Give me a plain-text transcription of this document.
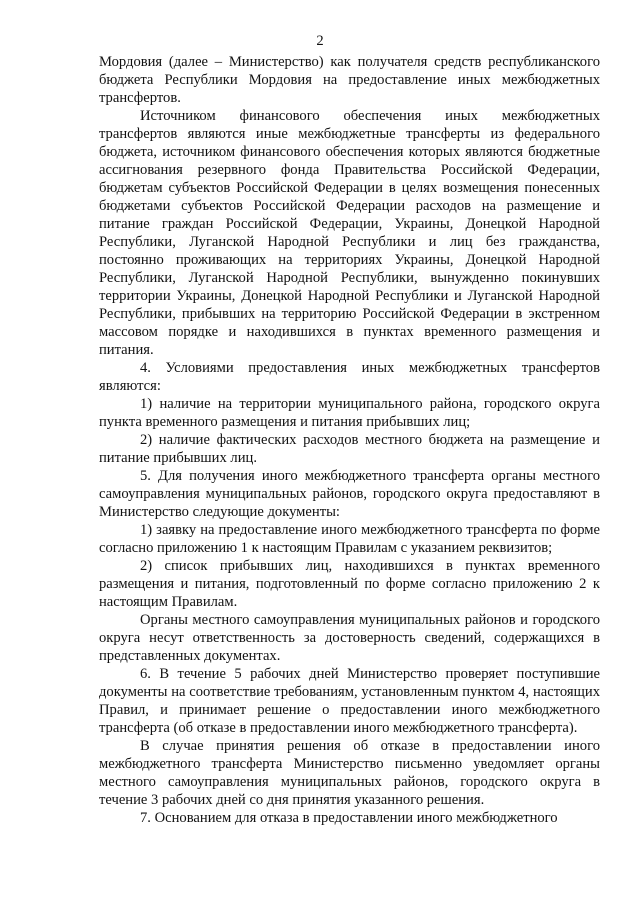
2

Мордовия (далее – Министерство) как получателя средств республиканского бюджета Республики Мордовия на предоставление иных межбюджетных трансфертов.

Источником финансового обеспечения иных межбюджетных трансфертов являются иные межбюджетные трансферты из федерального бюджета, источником финансового обеспечения которых являются бюджетные ассигнования резервного фонда Правительства Российской Федерации, бюджетам субъектов Российской Федерации в целях возмещения понесенных бюджетами субъектов Российской Федерации расходов на размещение и питание граждан Российской Федерации, Украины, Донецкой Народной Республики, Луганской Народной Республики и лиц без гражданства, постоянно проживающих на территориях Украины, Донецкой Народной Республики, Луганской Народной Республики, вынужденно покинувших территории Украины, Донецкой Народной Республики и Луганской Народной Республики, прибывших на территорию Российской Федерации в экстренном массовом порядке и находившихся в пунктах временного размещения и питания.

4. Условиями предоставления иных межбюджетных трансфертов являются:

1) наличие на территории муниципального района, городского округа пункта временного размещения и питания прибывших лиц;

2) наличие фактических расходов местного бюджета на размещение и питание прибывших лиц.

5. Для получения иного межбюджетного трансферта органы местного самоуправления муниципальных районов, городского округа предоставляют в Министерство следующие документы:

1) заявку на предоставление иного межбюджетного трансферта по форме согласно приложению 1 к настоящим Правилам с указанием реквизитов;

2) список прибывших лиц, находившихся в пунктах временного размещения и питания, подготовленный по форме согласно приложению 2 к настоящим Правилам.

Органы местного самоуправления муниципальных районов и городского округа несут ответственность за достоверность сведений, содержащихся в представленных документах.

6. В течение 5 рабочих дней Министерство проверяет поступившие документы на соответствие требованиям, установленным пунктом 4, настоящих Правил, и принимает решение о предоставлении иного межбюджетного трансферта (об отказе в предоставлении иного межбюджетного трансферта).

В случае принятия решения об отказе в предоставлении иного межбюджетного трансферта Министерство письменно уведомляет органы местного самоуправления муниципальных районов, городского округа в течение 3 рабочих дней со дня принятия указанного решения.

7. Основанием для отказа в предоставлении иного межбюджетного
